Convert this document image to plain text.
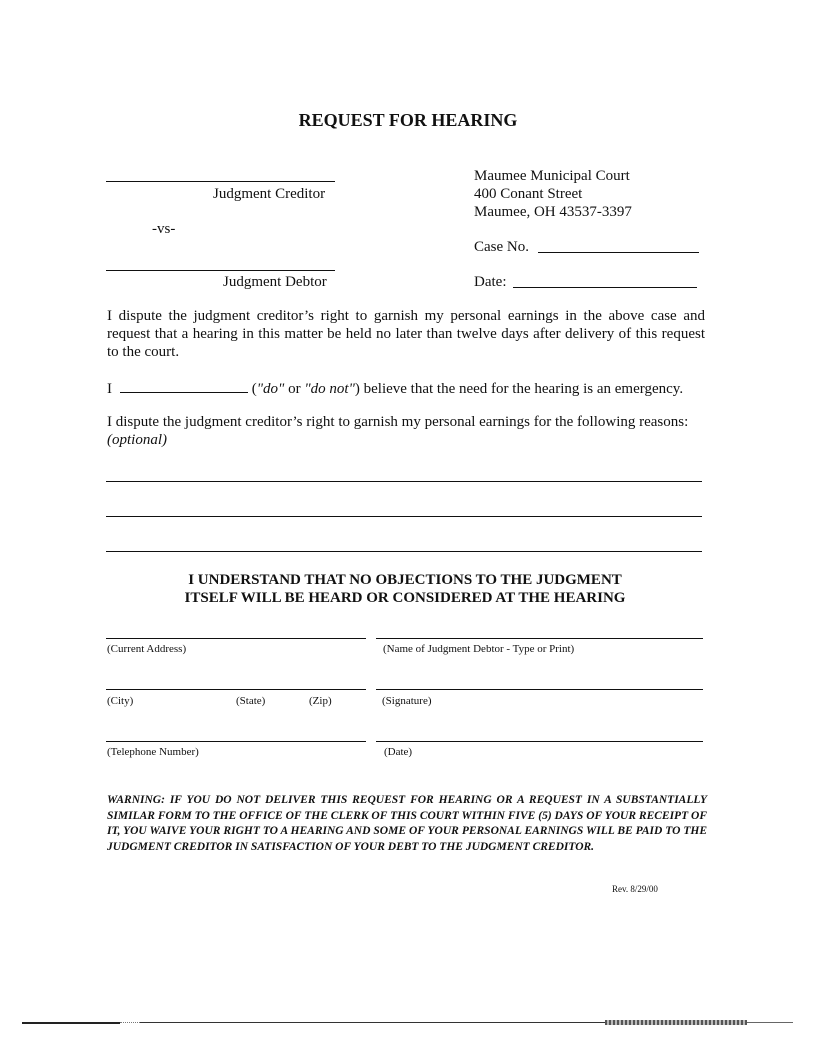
REQUEST FOR HEARING
Judgment Creditor
-vs-
Judgment Debtor
Maumee Municipal Court
400 Conant Street
Maumee, OH 43537-3397
Case No.
Date:
I dispute the judgment creditor’s right to garnish my personal earnings in the above case and request that a hearing in this matter be held no later than twelve days after delivery of this request to the court.
I	("do" or "do not") believe that the need for the hearing is an emergency.
I dispute the judgment creditor’s right to garnish my personal earnings for the following reasons:
(optional)
I UNDERSTAND THAT NO OBJECTIONS TO THE JUDGMENT
ITSELF WILL BE HEARD OR CONSIDERED AT THE HEARING
(Current Address)	(Name of Judgment Debtor - Type or Print)
(City)	(State)	(Zip)	(Signature)
(Telephone Number)	(Date)
WARNING: IF YOU DO NOT DELIVER THIS REQUEST FOR HEARING OR A REQUEST IN A SUBSTANTIALLY SIMILAR FORM TO THE OFFICE OF THE CLERK OF THIS COURT WITHIN FIVE (5) DAYS OF YOUR RECEIPT OF IT, YOU WAIVE YOUR RIGHT TO A HEARING AND SOME OF YOUR PERSONAL EARNINGS WILL BE PAID TO THE JUDGMENT CREDITOR IN SATISFACTION OF YOUR DEBT TO THE JUDGMENT CREDITOR.
Rev. 8/29/00
